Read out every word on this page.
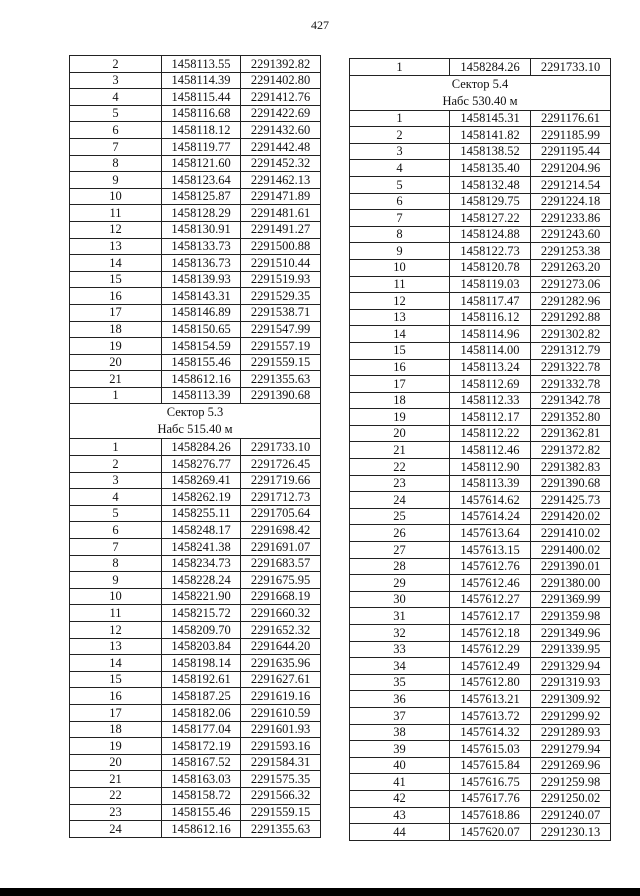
427
2	1458113.55	2291392.82
3	1458114.39	2291402.80
4	1458115.44	2291412.76
5	1458116.68	2291422.69
6	1458118.12	2291432.60
7	1458119.77	2291442.48
8	1458121.60	2291452.32
9	1458123.64	2291462.13
10	1458125.87	2291471.89
11	1458128.29	2291481.61
12	1458130.91	2291491.27
13	1458133.73	2291500.88
14	1458136.73	2291510.44
15	1458139.93	2291519.93
16	1458143.31	2291529.35
17	1458146.89	2291538.71
18	1458150.65	2291547.99
19	1458154.59	2291557.19
20	1458155.46	2291559.15
21	1458612.16	2291355.63
1	1458113.39	2291390.68

Сектор 5.3
Набс 515.40 м		

1	1458284.26	2291733.10
2	1458276.77	2291726.45
3	1458269.41	2291719.66
4	1458262.19	2291712.73
5	1458255.11	2291705.64
6	1458248.17	2291698.42
7	1458241.38	2291691.07
8	1458234.73	2291683.57
9	1458228.24	2291675.95
10	1458221.90	2291668.19
11	1458215.72	2291660.32
12	1458209.70	2291652.32
13	1458203.84	2291644.20
14	1458198.14	2291635.96
15	1458192.61	2291627.61
16	1458187.25	2291619.16
17	1458182.06	2291610.59
18	1458177.04	2291601.93
19	1458172.19	2291593.16
20	1458167.52	2291584.31
21	1458163.03	2291575.35
22	1458158.72	2291566.32
23	1458155.46	2291559.15
24	1458612.16	2291355.63
1	1458284.26	2291733.10

Сектор 5.4
Набс 530.40 м		

1	1458145.31	2291176.61
2	1458141.82	2291185.99
3	1458138.52	2291195.44
4	1458135.40	2291204.96
5	1458132.48	2291214.54
6	1458129.75	2291224.18
7	1458127.22	2291233.86
8	1458124.88	2291243.60
9	1458122.73	2291253.38
10	1458120.78	2291263.20
11	1458119.03	2291273.06
12	1458117.47	2291282.96
13	1458116.12	2291292.88
14	1458114.96	2291302.82
15	1458114.00	2291312.79
16	1458113.24	2291322.78
17	1458112.69	2291332.78
18	1458112.33	2291342.78
19	1458112.17	2291352.80
20	1458112.22	2291362.81
21	1458112.46	2291372.82
22	1458112.90	2291382.83
23	1458113.39	2291390.68
24	1457614.62	2291425.73
25	1457614.24	2291420.02
26	1457613.64	2291410.02
27	1457613.15	2291400.02
28	1457612.76	2291390.01
29	1457612.46	2291380.00
30	1457612.27	2291369.99
31	1457612.17	2291359.98
32	1457612.18	2291349.96
33	1457612.29	2291339.95
34	1457612.49	2291329.94
35	1457612.80	2291319.93
36	1457613.21	2291309.92
37	1457613.72	2291299.92
38	1457614.32	2291289.93
39	1457615.03	2291279.94
40	1457615.84	2291269.96
41	1457616.75	2291259.98
42	1457617.76	2291250.02
43	1457618.86	2291240.07
44	1457620.07	2291230.13
